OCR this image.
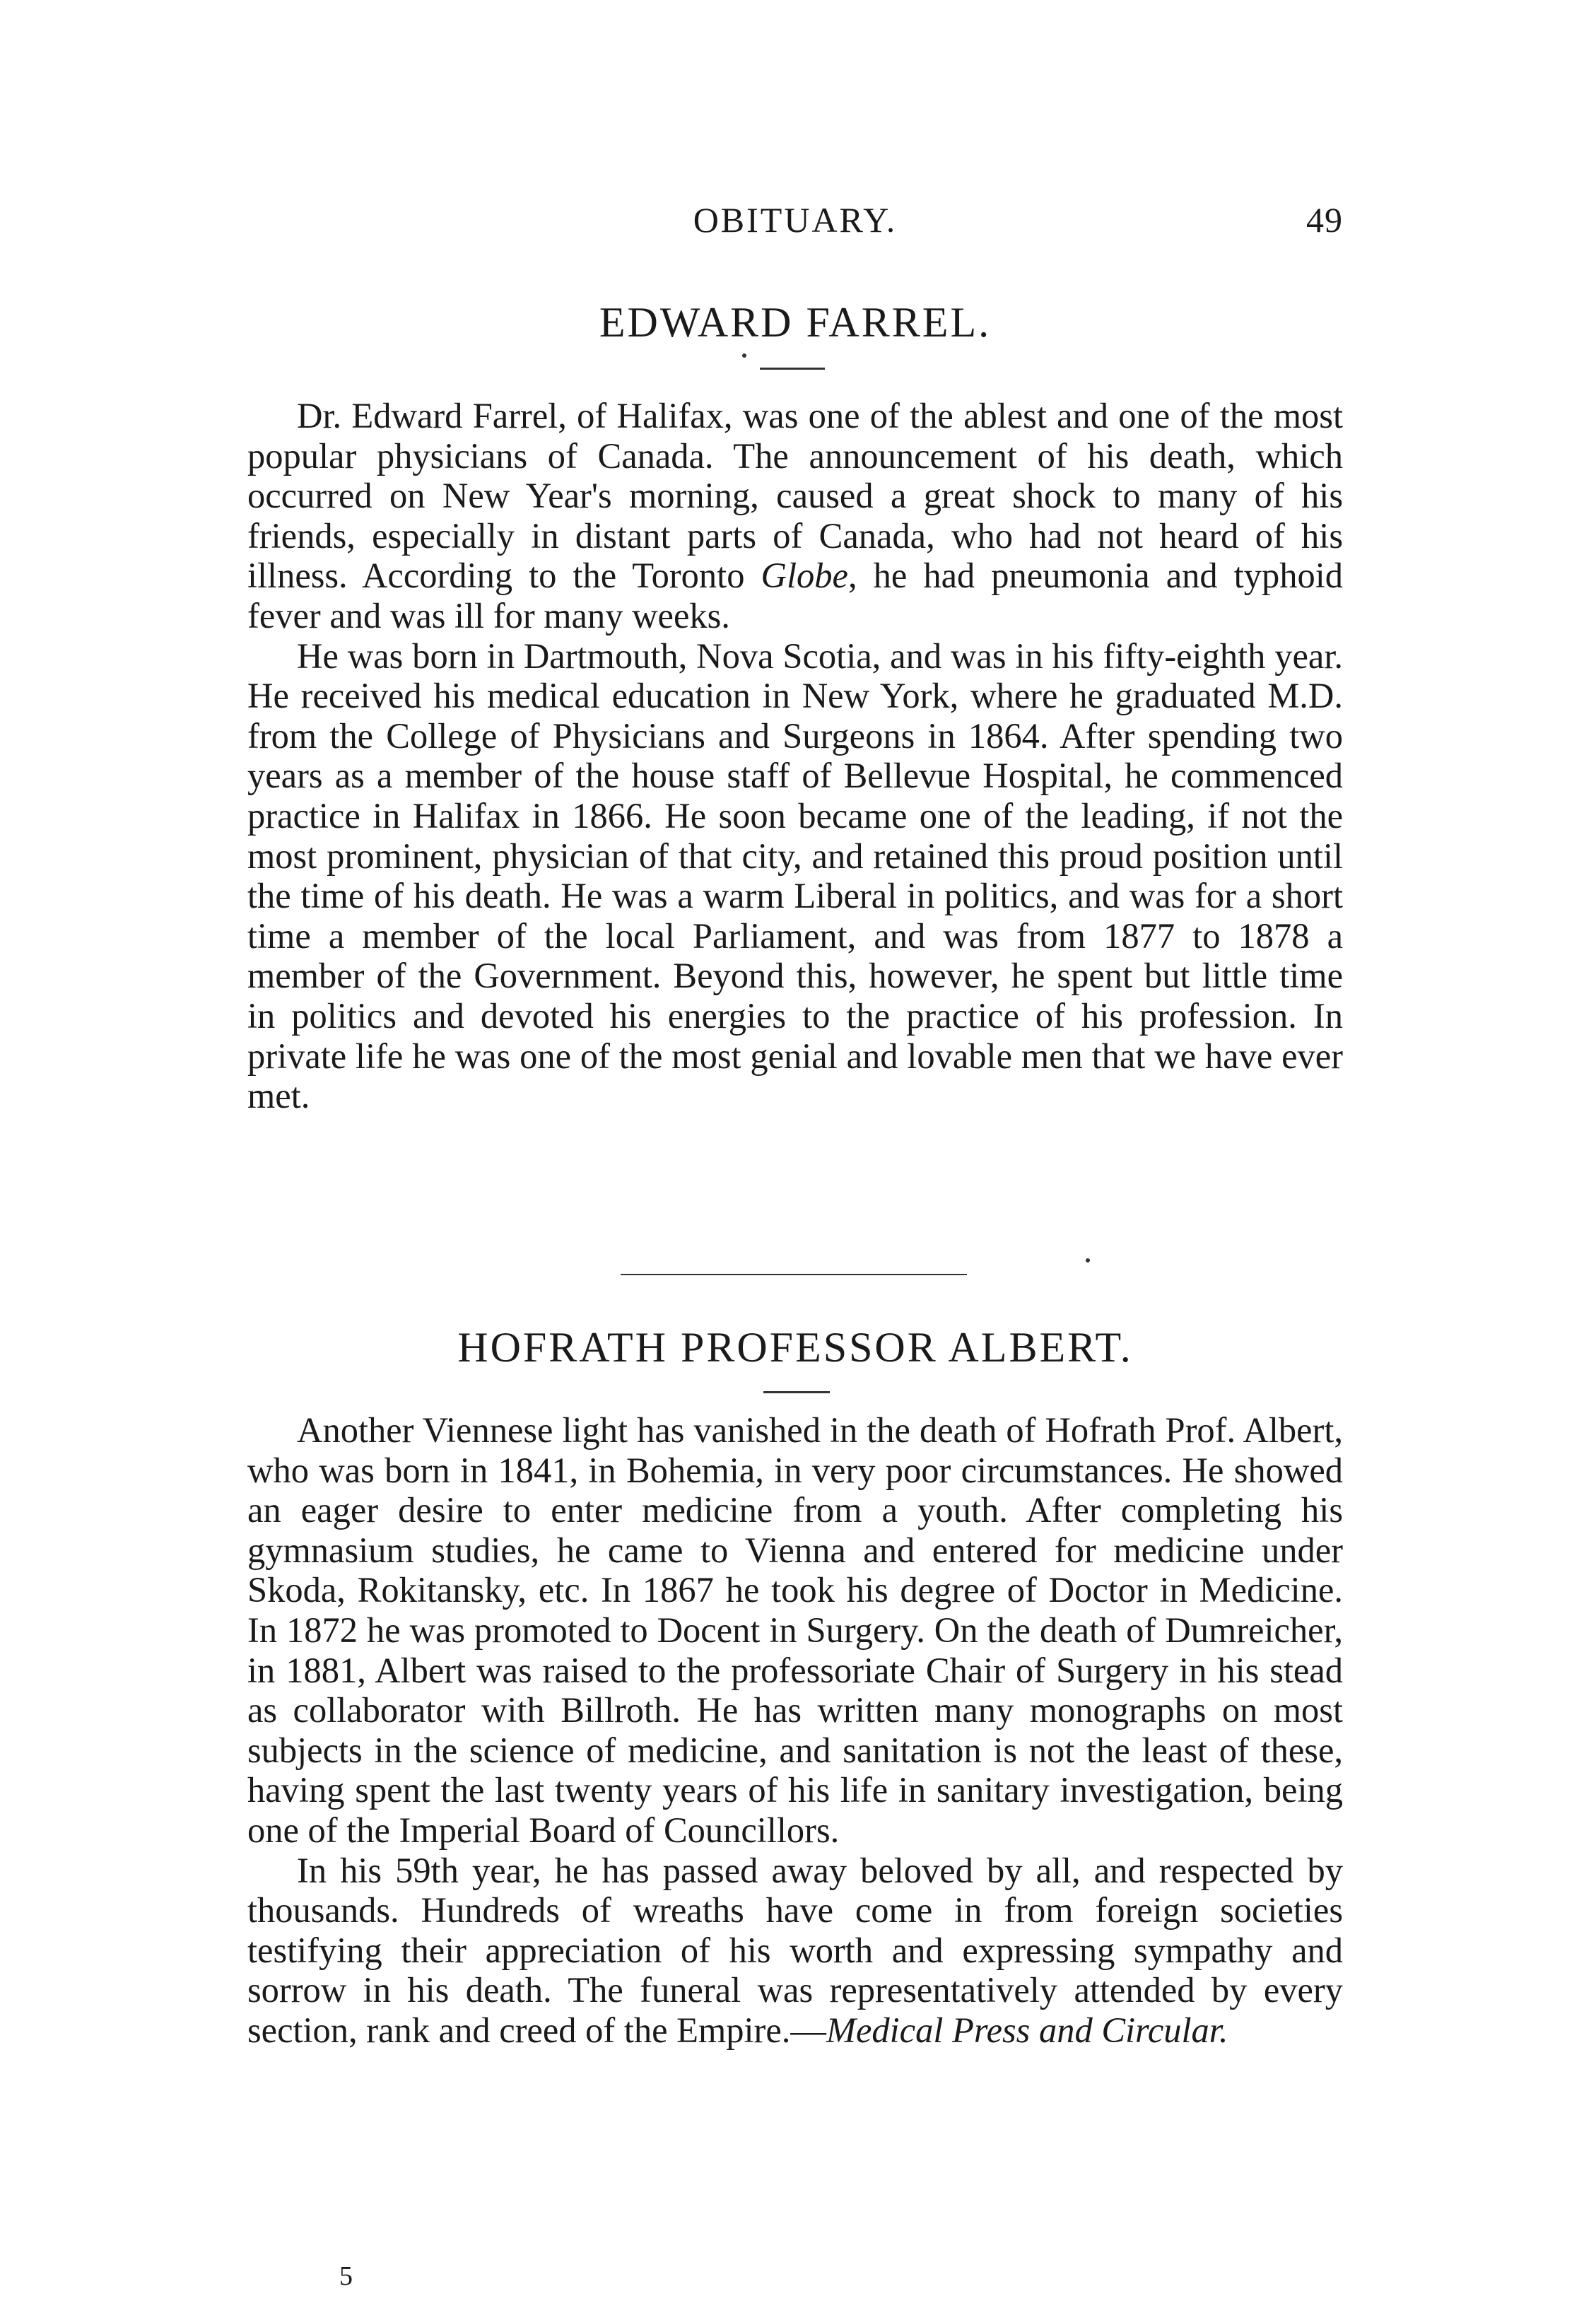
OBITUARY.	49
EDWARD FARREL.

Dr. Edward Farrel, of Halifax, was one of the ablest and one of the most popular physicians of Canada. The announcement of his death, which occurred on New Year's morning, caused a great shock to many of his friends, especially in distant parts of Canada, who had not heard of his illness. According to the Toronto Globe, he had pneumonia and typhoid fever and was ill for many weeks.

He was born in Dartmouth, Nova Scotia, and was in his fifty-eighth year. He received his medical education in New York, where he graduated M.D. from the College of Physicians and Surgeons in 1864. After spending two years as a member of the house staff of Bellevue Hospital, he commenced practice in Halifax in 1866. He soon became one of the leading, if not the most prominent, physician of that city, and retained this proud position until the time of his death. He was a warm Liberal in politics, and was for a short time a member of the local Parliament, and was from 1877 to 1878 a member of the Government. Beyond this, however, he spent but little time in politics and devoted his energies to the practice of his profession. In private life he was one of the most genial and lovable men that we have ever met.

HOFRATH PROFESSOR ALBERT.

Another Viennese light has vanished in the death of Hofrath Prof. Albert, who was born in 1841, in Bohemia, in very poor circumstances. He showed an eager desire to enter medicine from a youth. After completing his gymnasium studies, he came to Vienna and entered for medicine under Skoda, Rokitansky, etc. In 1867 he took his degree of Doctor in Medicine. In 1872 he was promoted to Docent in Surgery. On the death of Dumreicher, in 1881, Albert was raised to the professoriate Chair of Surgery in his stead as collaborator with Billroth. He has written many monographs on most subjects in the science of medicine, and sanitation is not the least of these, having spent the last twenty years of his life in sanitary investigation, being one of the Imperial Board of Councillors.

In his 59th year, he has passed away beloved by all, and respected by thousands. Hundreds of wreaths have come in from foreign societies testifying their appreciation of his worth and expressing sympathy and sorrow in his death. The funeral was representatively attended by every section, rank and creed of the Empire.—Medical Press and Circular.

5
